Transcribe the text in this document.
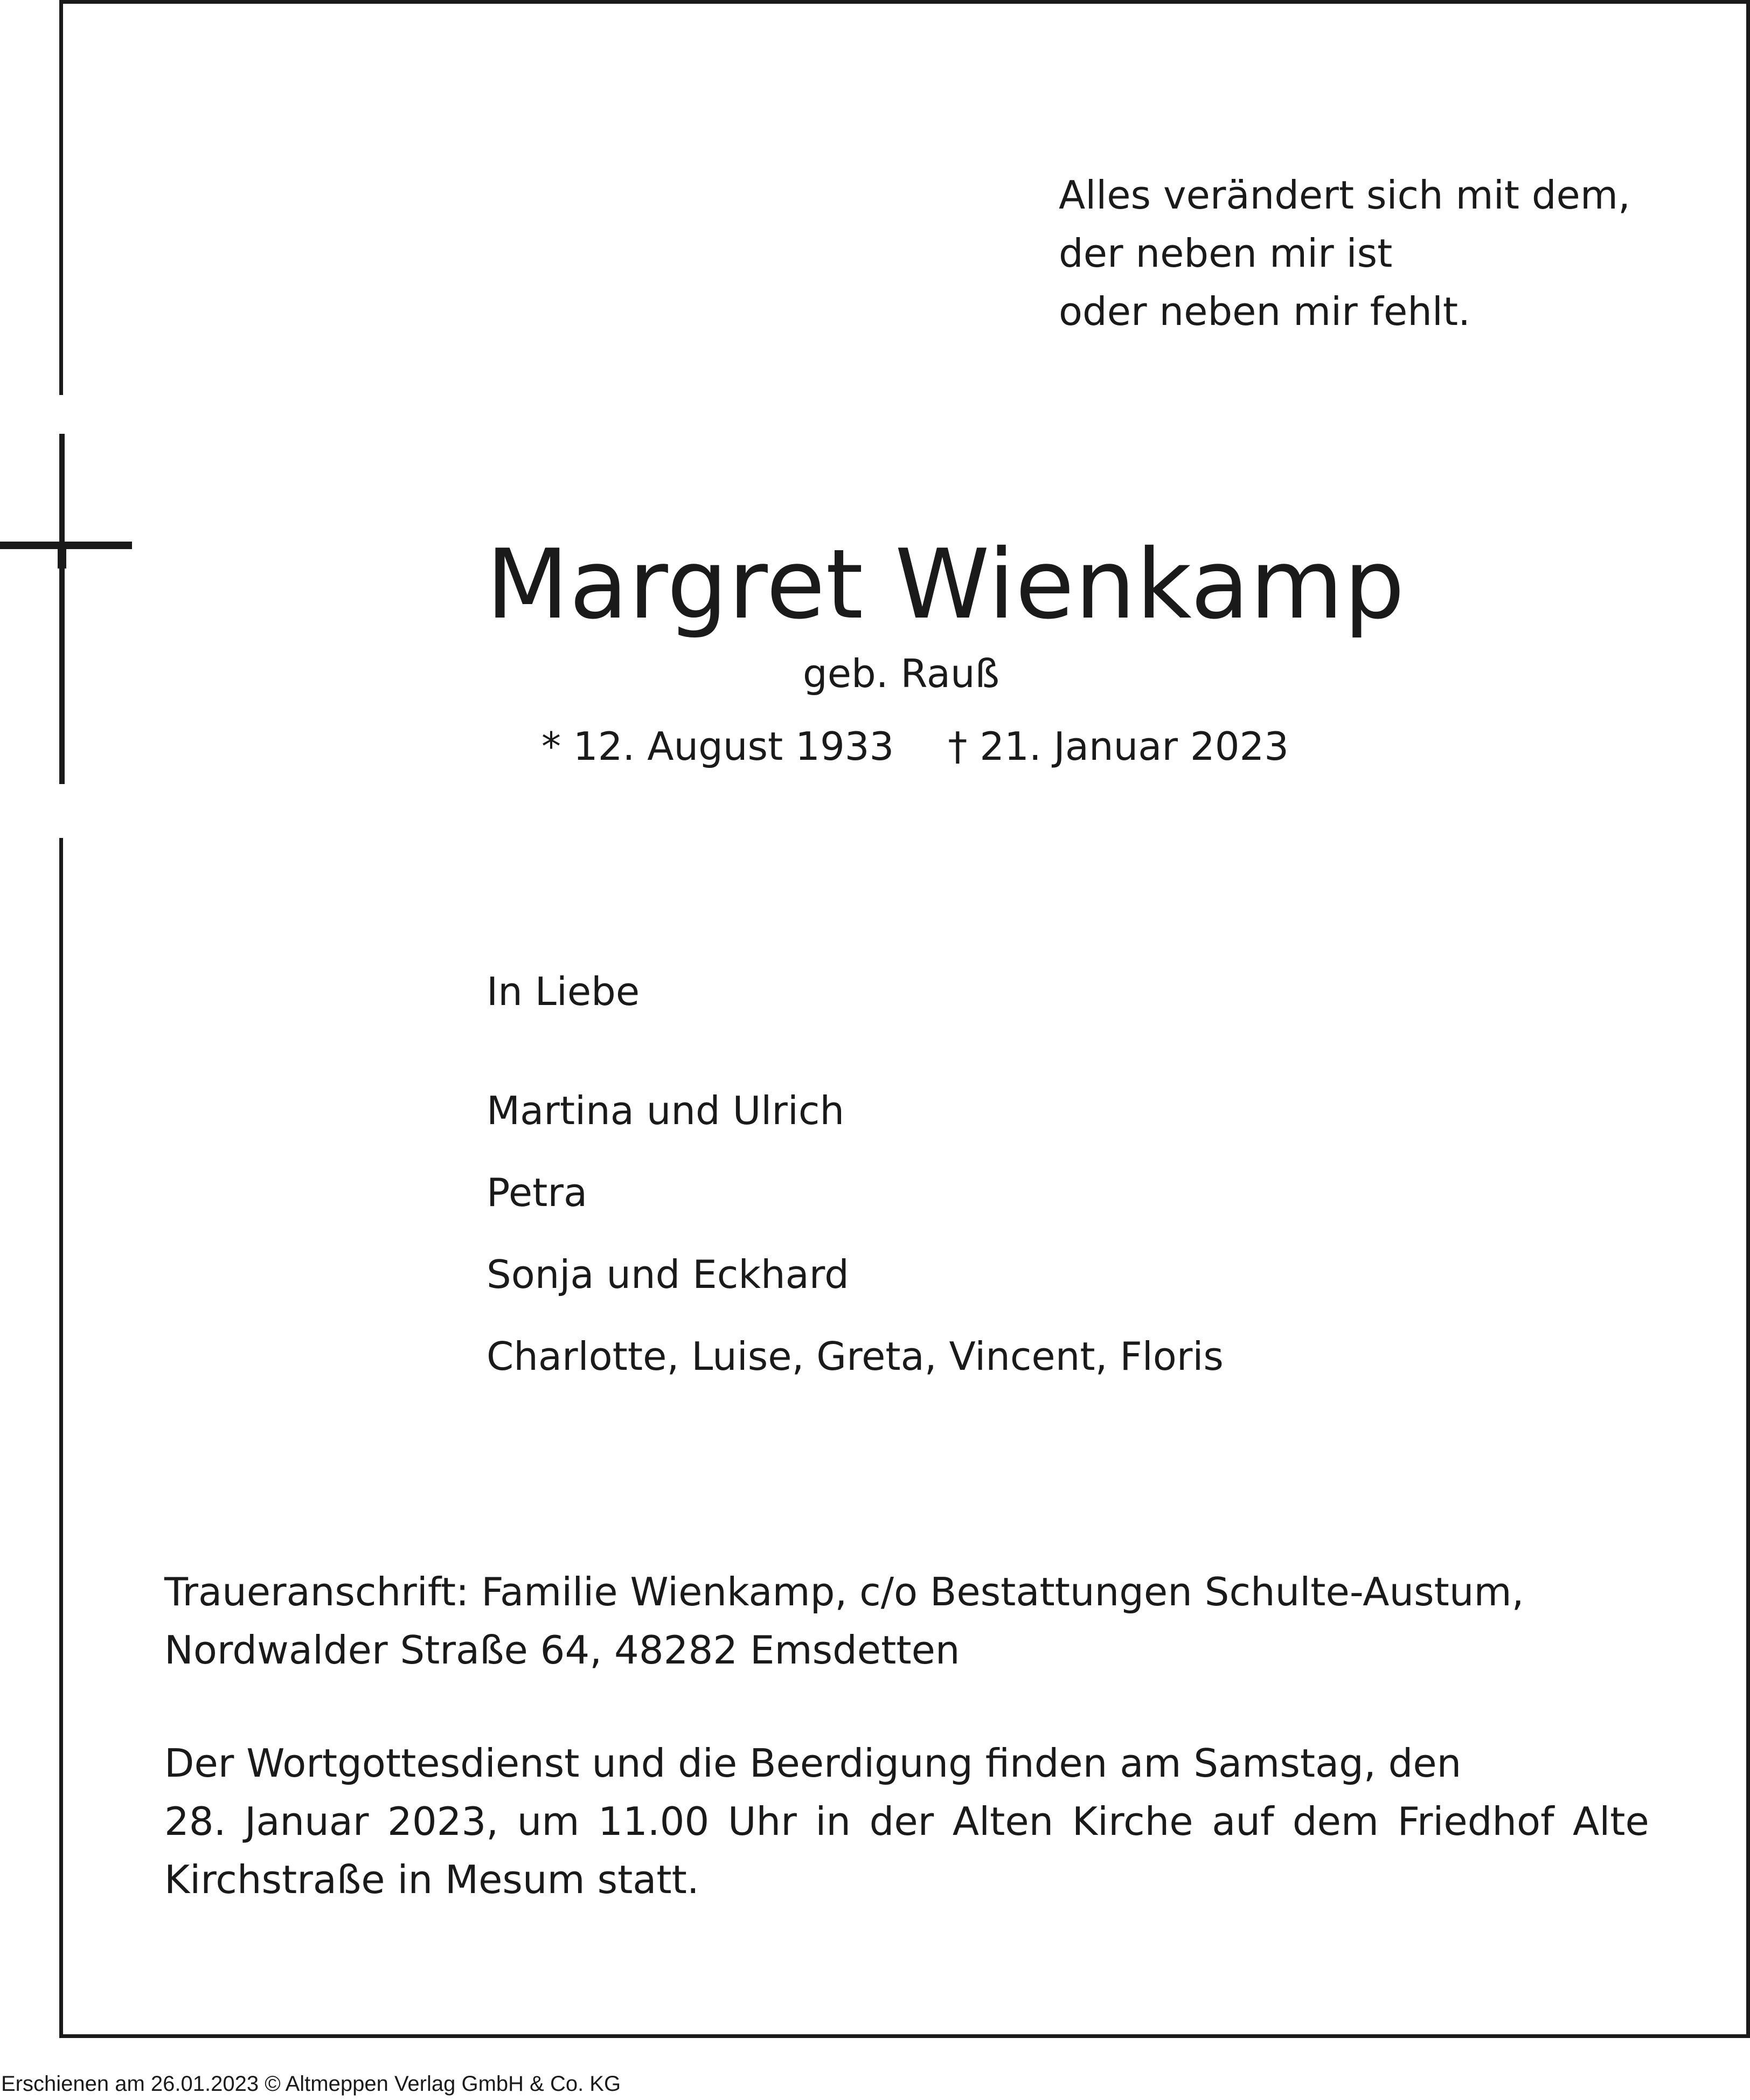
Alles verändert sich mit dem,
der neben mir ist
oder neben mir fehlt.
Margret Wienkamp
geb. Rauß
* 12. August 1933 † 21. Januar 2023
In Liebe
Martina und Ulrich
Petra
Sonja und Eckhard
Charlotte, Luise, Greta, Vincent, Floris
Traueranschrift: Familie Wienkamp, c/o Bestattungen Schulte-Austum,
Nordwalder Straße 64, 48282 Emsdetten
Der Wortgottesdienst und die Beerdigung finden am Samstag, den
28. Januar 2023, um 11.00 Uhr in der Alten Kirche auf dem Friedhof Alte
Kirchstraße in Mesum statt.
Erschienen am 26.01.2023 © Altmeppen Verlag GmbH & Co. KG
